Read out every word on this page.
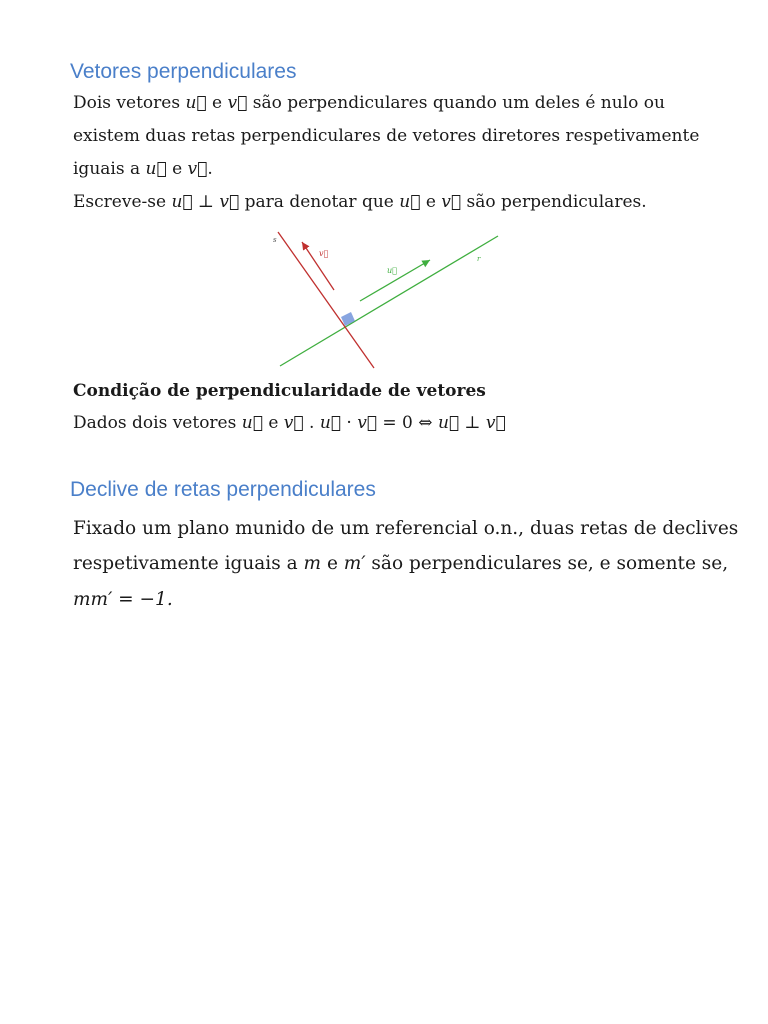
Vetores perpendiculares

Dois vetores u⃗ e v⃗ são perpendiculares quando um deles é nulo ou

existem duas retas perpendiculares de vetores diretores respetivamente

iguais a u⃗ e v⃗.

Escreve-se u⃗ ⊥ v⃗ para denotar que u⃗ e v⃗ são perpendiculares.

s
r
u⃗
v⃗

Condição de perpendicularidade de vetores

Dados dois vetores u⃗ e v⃗ . u⃗ · v⃗ = 0 ⇔ u⃗ ⊥ v⃗

Declive de retas perpendiculares

Fixado um plano munido de um referencial o.n., duas retas de declives

respetivamente iguais a m e m′ são perpendiculares se, e somente se,

mm′ = −1.
